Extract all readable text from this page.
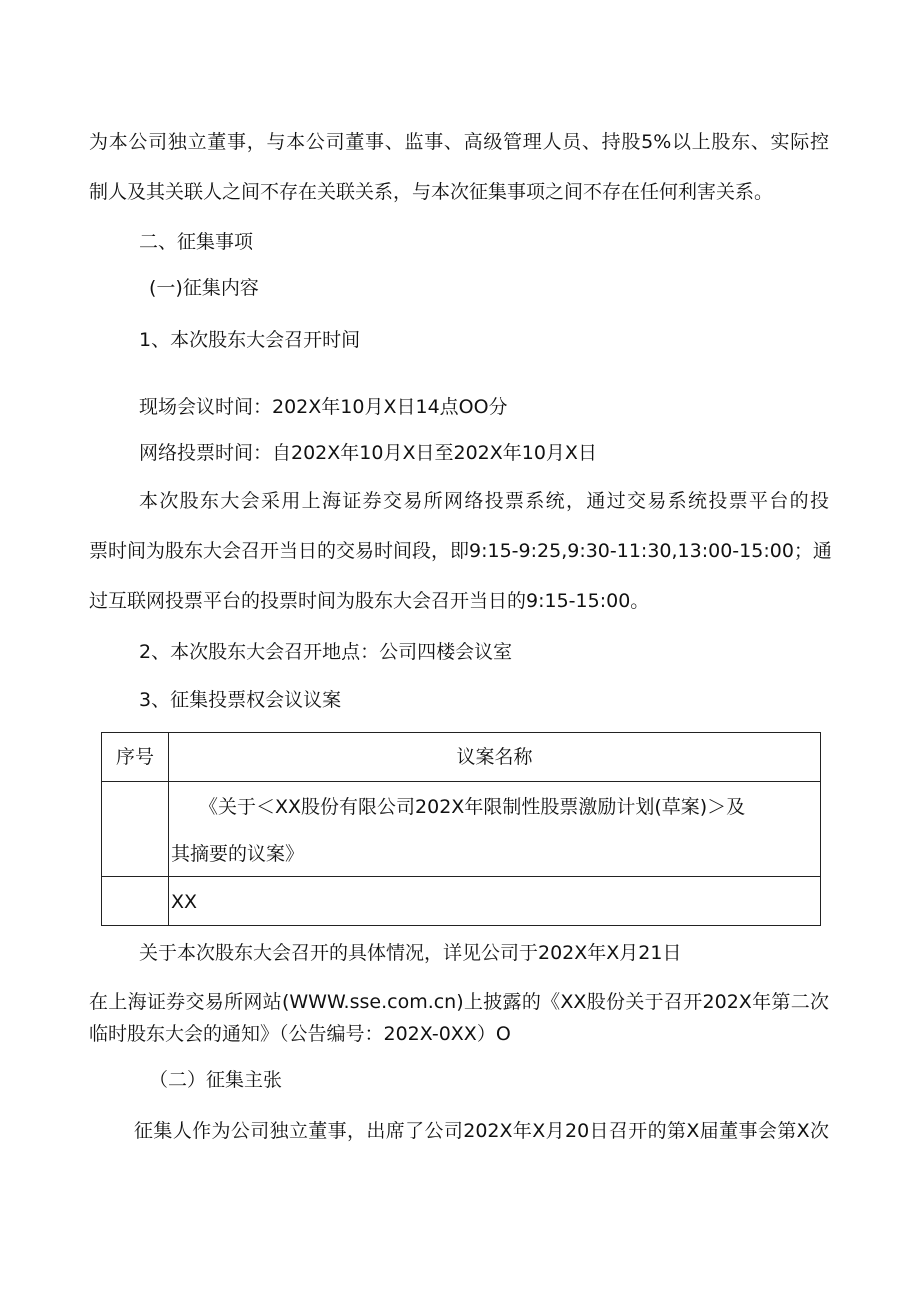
为本公司独立董事，与本公司董事、监事、高级管理人员、持股5%以上股东、实际控
制人及其关联人之间不存在关联关系，与本次征集事项之间不存在任何利害关系。
二、征集事项
(一)征集内容
1、本次股东大会召开时间
现场会议时间：202X年10月X日14点OO分
网络投票时间：自202X年10月X日至202X年10月X日
本次股东大会采用上海证券交易所网络投票系统，通过交易系统投票平台的投
票时间为股东大会召开当日的交易时间段，即9:15-9:25,9:30-11:30,13:00-15:00；通
过互联网投票平台的投票时间为股东大会召开当日的9:15-15:00。
2、本次股东大会召开地点：公司四楼会议室
3、征集投票权会议议案
序号	议案名称

	《关于＜XX股份有限公司202X年限制性股票激励计划(草案)＞及
其摘要的议案》

	XX
关于本次股东大会召开的具体情况，详见公司于202X年X月21日
在上海证券交易所网站(WWW.sse.com.cn)上披露的《XX股份关于召开202X年第二次
临时股东大会的通知》（公告编号：202X-0XX）O
（二）征集主张
征集人作为公司独立董事，出席了公司202X年X月20日召开的第X届董事会第X次
